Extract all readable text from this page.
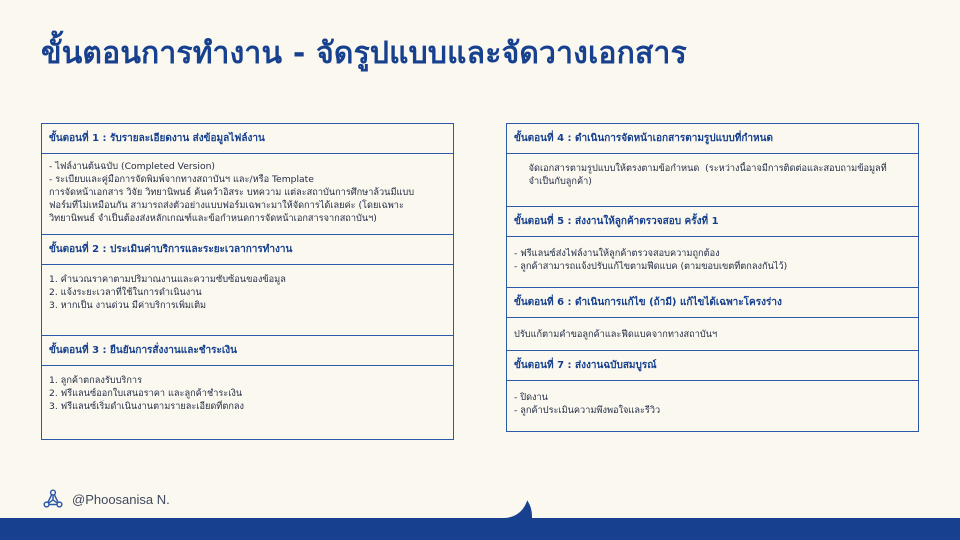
ขั้นตอนการทำงาน - จัดรูปแบบและจัดวางเอกสาร
ขั้นตอนที่ 1 : รับรายละเอียดงาน ส่งข้อมูลไฟล์งาน
- ไฟล์งานต้นฉบับ (Completed Version)
- ระเบียบและคู่มือการจัดพิมพ์จากทางสถาบันฯ และ/หรือ Template
การจัดหน้าเอกสาร วิจัย วิทยานิพนธ์ ค้นคว้าอิสระ บทความ แต่ละสถาบันการศึกษาล้วนมีแบบ
ฟอร์มที่ไม่เหมือนกัน สามารถส่งตัวอย่างแบบฟอร์มเฉพาะมาให้จัดการได้เลยค่ะ (โดยเฉพาะ
วิทยานิพนธ์ จำเป็นต้องส่งหลักเกณฑ์และข้อกำหนดการจัดหน้าเอกสารจากสถาบันฯ)
ขั้นตอนที่ 2 : ประเมินค่าบริการและระยะเวลาการทำงาน
1. คำนวณราคาตามปริมาณงานและความซับซ้อนของข้อมูล
2. แจ้งระยะเวลาที่ใช้ในการดำเนินงาน
3. หากเป็น งานด่วน มีค่าบริการเพิ่มเติม
ขั้นตอนที่ 3 : ยืนยันการสั่งงานและชำระเงิน
1. ลูกค้าตกลงรับบริการ
2. ฟรีแลนซ์ออกใบเสนอราคา และลูกค้าชำระเงิน
3. ฟรีแลนซ์เริ่มดำเนินงานตามรายละเอียดที่ตกลง
ขั้นตอนที่ 4 : ดำเนินการจัดหน้าเอกสารตามรูปแบบที่กำหนด
จัดเอกสารตามรูปแบบให้ตรงตามข้อกำหนด  (ระหว่างนี้อาจมีการติดต่อและสอบถามข้อมูลที่
จำเป็นกับลูกค้า)
ขั้นตอนที่ 5 : ส่งงานให้ลูกค้าตรวจสอบ ครั้งที่ 1
- ฟรีแลนซ์ส่งไฟล์งานให้ลูกค้าตรวจสอบความถูกต้อง
- ลูกค้าสามารถแจ้งปรับแก้ไขตามฟีดแบค (ตามขอบเขตที่ตกลงกันไว้)
ขั้นตอนที่ 6 : ดำเนินการแก้ไข (ถ้ามี) แก้ไขได้เฉพาะโครงร่าง
ปรับแก้ตามคำขอลูกค้าและฟีดแบคจากทางสถาบันฯ
ขั้นตอนที่ 7 : ส่งงานฉบับสมบูรณ์
- ปิดงาน
- ลูกค้าประเมินความพึงพอใจและรีวิว
@Phoosanisa N.
